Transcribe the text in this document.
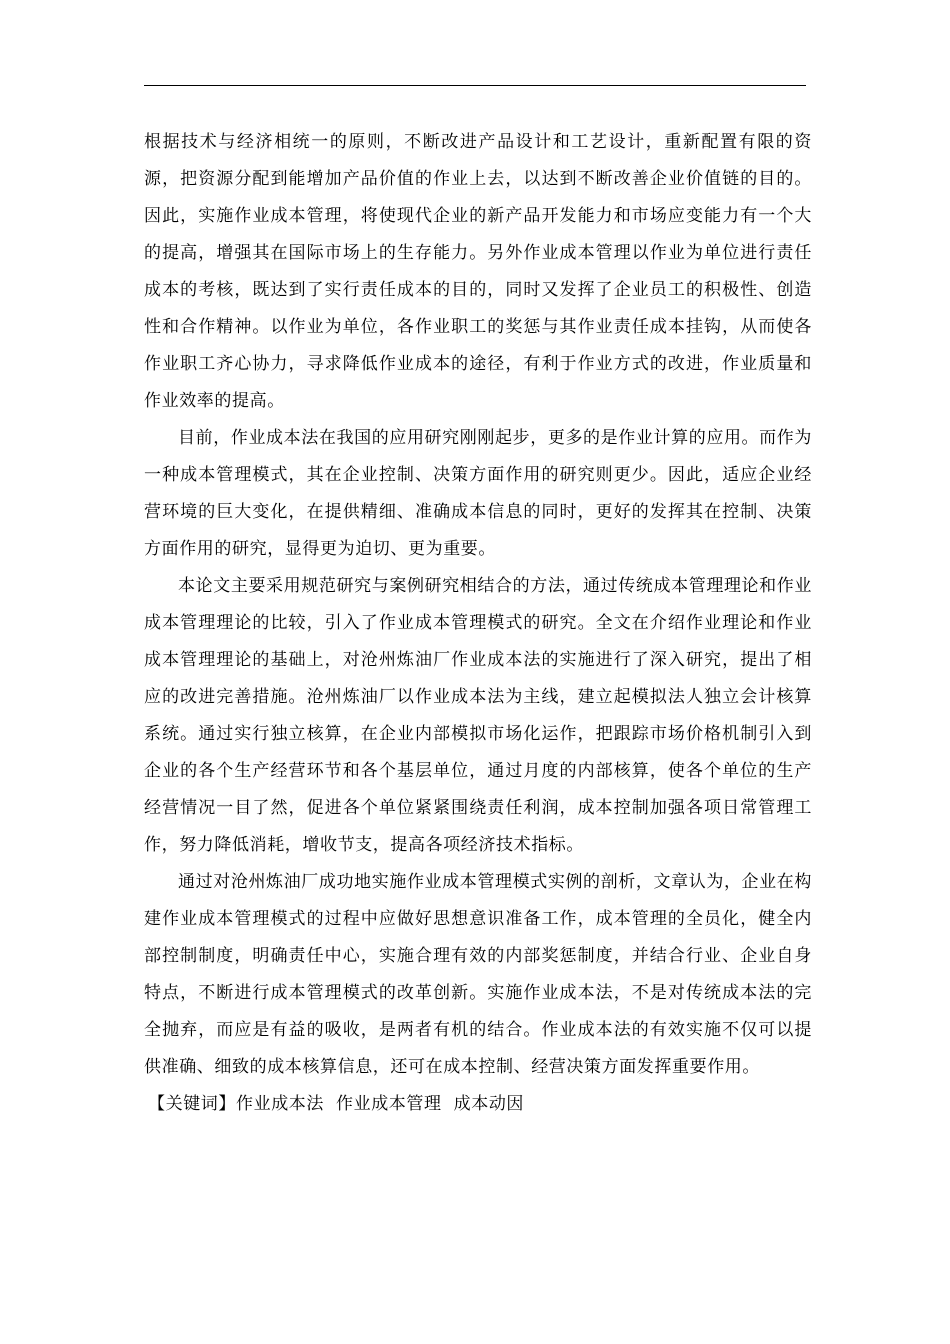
根据技术与经济相统一的原则，不断改进产品设计和工艺设计，重新配置有限的资源，把资源分配到能增加产品价值的作业上去，以达到不断改善企业价值链的目的。因此，实施作业成本管理，将使现代企业的新产品开发能力和市场应变能力有一个大的提高，增强其在国际市场上的生存能力。另外作业成本管理以作业为单位进行责任成本的考核，既达到了实行责任成本的目的，同时又发挥了企业员工的积极性、创造性和合作精神。以作业为单位，各作业职工的奖惩与其作业责任成本挂钩，从而使各作业职工齐心协力，寻求降低作业成本的途径，有利于作业方式的改进，作业质量和作业效率的提高。

目前，作业成本法在我国的应用研究刚刚起步，更多的是作业计算的应用。而作为一种成本管理模式，其在企业控制、决策方面作用的研究则更少。因此，适应企业经营环境的巨大变化，在提供精细、准确成本信息的同时，更好的发挥其在控制、决策方面作用的研究，显得更为迫切、更为重要。

本论文主要采用规范研究与案例研究相结合的方法，通过传统成本管理理论和作业成本管理理论的比较，引入了作业成本管理模式的研究。全文在介绍作业理论和作业成本管理理论的基础上，对沧州炼油厂作业成本法的实施进行了深入研究，提出了相应的改进完善措施。沧州炼油厂以作业成本法为主线，建立起模拟法人独立会计核算系统。通过实行独立核算，在企业内部模拟市场化运作，把跟踪市场价格机制引入到企业的各个生产经营环节和各个基层单位，通过月度的内部核算，使各个单位的生产经营情况一目了然，促进各个单位紧紧围绕责任利润，成本控制加强各项日常管理工作，努力降低消耗，增收节支，提高各项经济技术指标。

通过对沧州炼油厂成功地实施作业成本管理模式实例的剖析，文章认为，企业在构建作业成本管理模式的过程中应做好思想意识准备工作，成本管理的全员化，健全内部控制制度，明确责任中心，实施合理有效的内部奖惩制度，并结合行业、企业自身特点，不断进行成本管理模式的改革创新。实施作业成本法，不是对传统成本法的完全抛弃，而应是有益的吸收，是两者有机的结合。作业成本法的有效实施不仅可以提供准确、细致的成本核算信息，还可在成本控制、经营决策方面发挥重要作用。

【关键词】作业成本法  作业成本管理  成本动因
